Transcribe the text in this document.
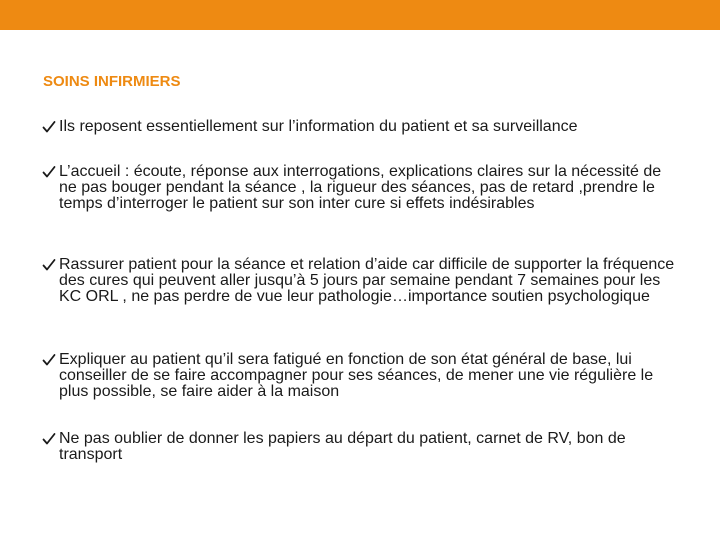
SOINS INFIRMIERS
Ils reposent essentiellement sur l’information du patient et sa surveillance
L’accueil : écoute, réponse aux interrogations, explications claires sur la nécessité de ne pas bouger pendant la séance , la rigueur des séances, pas de retard ,prendre le temps d’interroger le patient sur son inter cure si effets indésirables
Rassurer patient pour la séance et relation d’aide car difficile de supporter la fréquence des cures qui peuvent aller jusqu’à 5 jours par semaine pendant 7 semaines pour les KC ORL , ne pas perdre de vue leur pathologie…importance soutien psychologique
Expliquer au patient qu’il sera fatigué en fonction de son état général de base, lui conseiller de se faire accompagner pour ses séances, de mener une vie régulière le plus possible, se faire aider à la maison
Ne pas oublier de donner les papiers au départ du patient, carnet de RV, bon de transport
